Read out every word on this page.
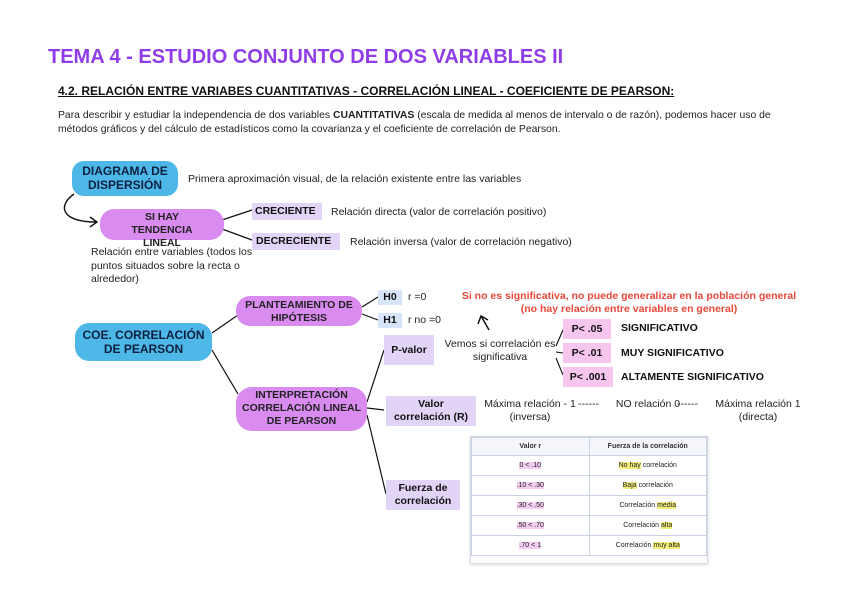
TEMA 4 - ESTUDIO CONJUNTO DE DOS VARIABLES II
4.2. RELACIÓN ENTRE VARIABES CUANTITATIVAS - CORRELACIÓN LINEAL - COEFICIENTE DE PEARSON:
Para describir y estudiar la independencia de dos variables CUANTITATIVAS (escala de medida al menos de intervalo o de razón), podemos hacer uso de métodos gráficos y del cálculo de estadísticos como la covarianza y el coeficiente de correlación de Pearson.
DIAGRAMA DE DISPERSIÓN	Primera aproximación visual, de la relación existente entre las variables
SI HAY TENDENCIA LINEAL
Relación entre variables (todos los puntos situados sobre la recta o alrededor)
CRECIENTE	Relación directa (valor de correlación positivo)
DECRECIENTE	Relación inversa (valor de correlación negativo)
COE. CORRELACIÓN DE PEARSON
PLANTEAMIENTO DE HIPÓTESIS
H0	r =0
H1	r no =0
Si no es significativa, no puede generalizar en la población general (no hay relación entre variables en general)
INTERPRETACIÓN CORRELACIÓN LINEAL DE PEARSON
P-valor	Vemos si correlación es significativa
P< .05	SIGNIFICATIVO
P< .01	MUY SIGNIFICATIVO
P< .001	ALTAMENTE SIGNIFICATIVO
Valor correlación (R)
Máxima relación - 1 (inversa)
------	NO relación 0
------	Máxima relación 1 (directa)
Fuerza de correlación
Valor r	Fuerza de la correlación
0 < .10	No hay correlación
.10 < .30	Baja correlación
.30 < .50	Correlación media
.50 < .70	Correlación alta
.70 < 1	Correlación muy alta
